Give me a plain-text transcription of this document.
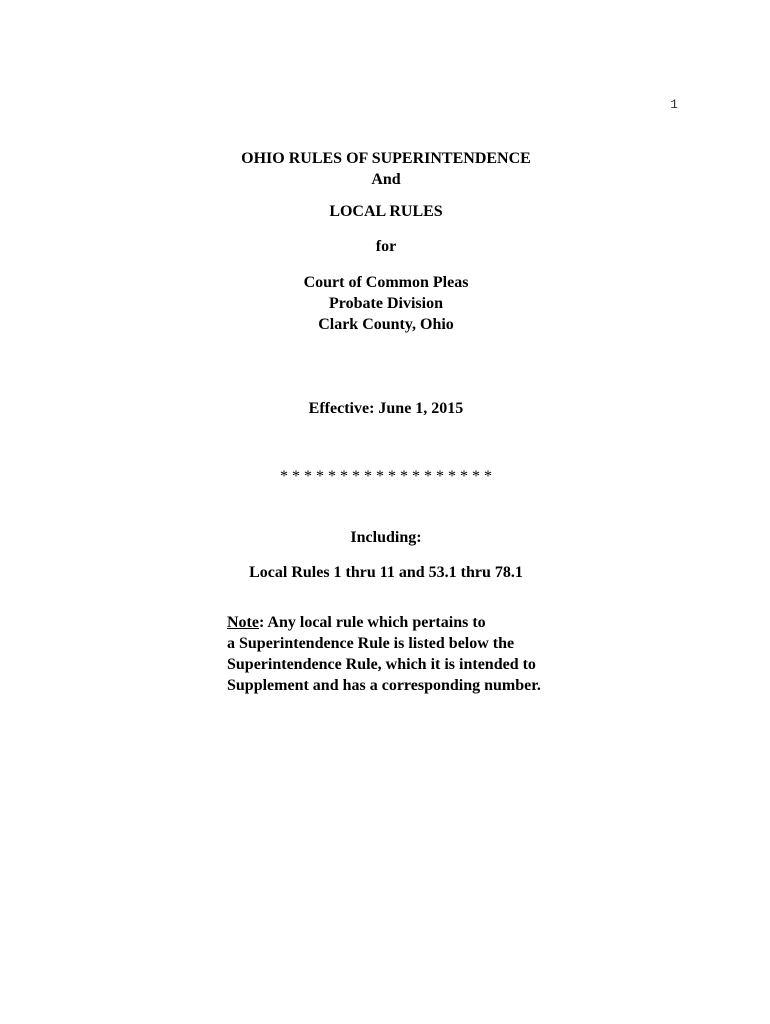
1
OHIO RULES OF SUPERINTENDENCE
And
LOCAL RULES
for
Court of Common Pleas
Probate Division
Clark County, Ohio
Effective: June 1, 2015
* * * * * * * * * * * * * * * * * *
Including:
Local Rules 1 thru 11 and 53.1 thru 78.1
Note: Any local rule which pertains to
a Superintendence Rule is listed below the
Superintendence Rule, which it is intended to
Supplement and has a corresponding number.
